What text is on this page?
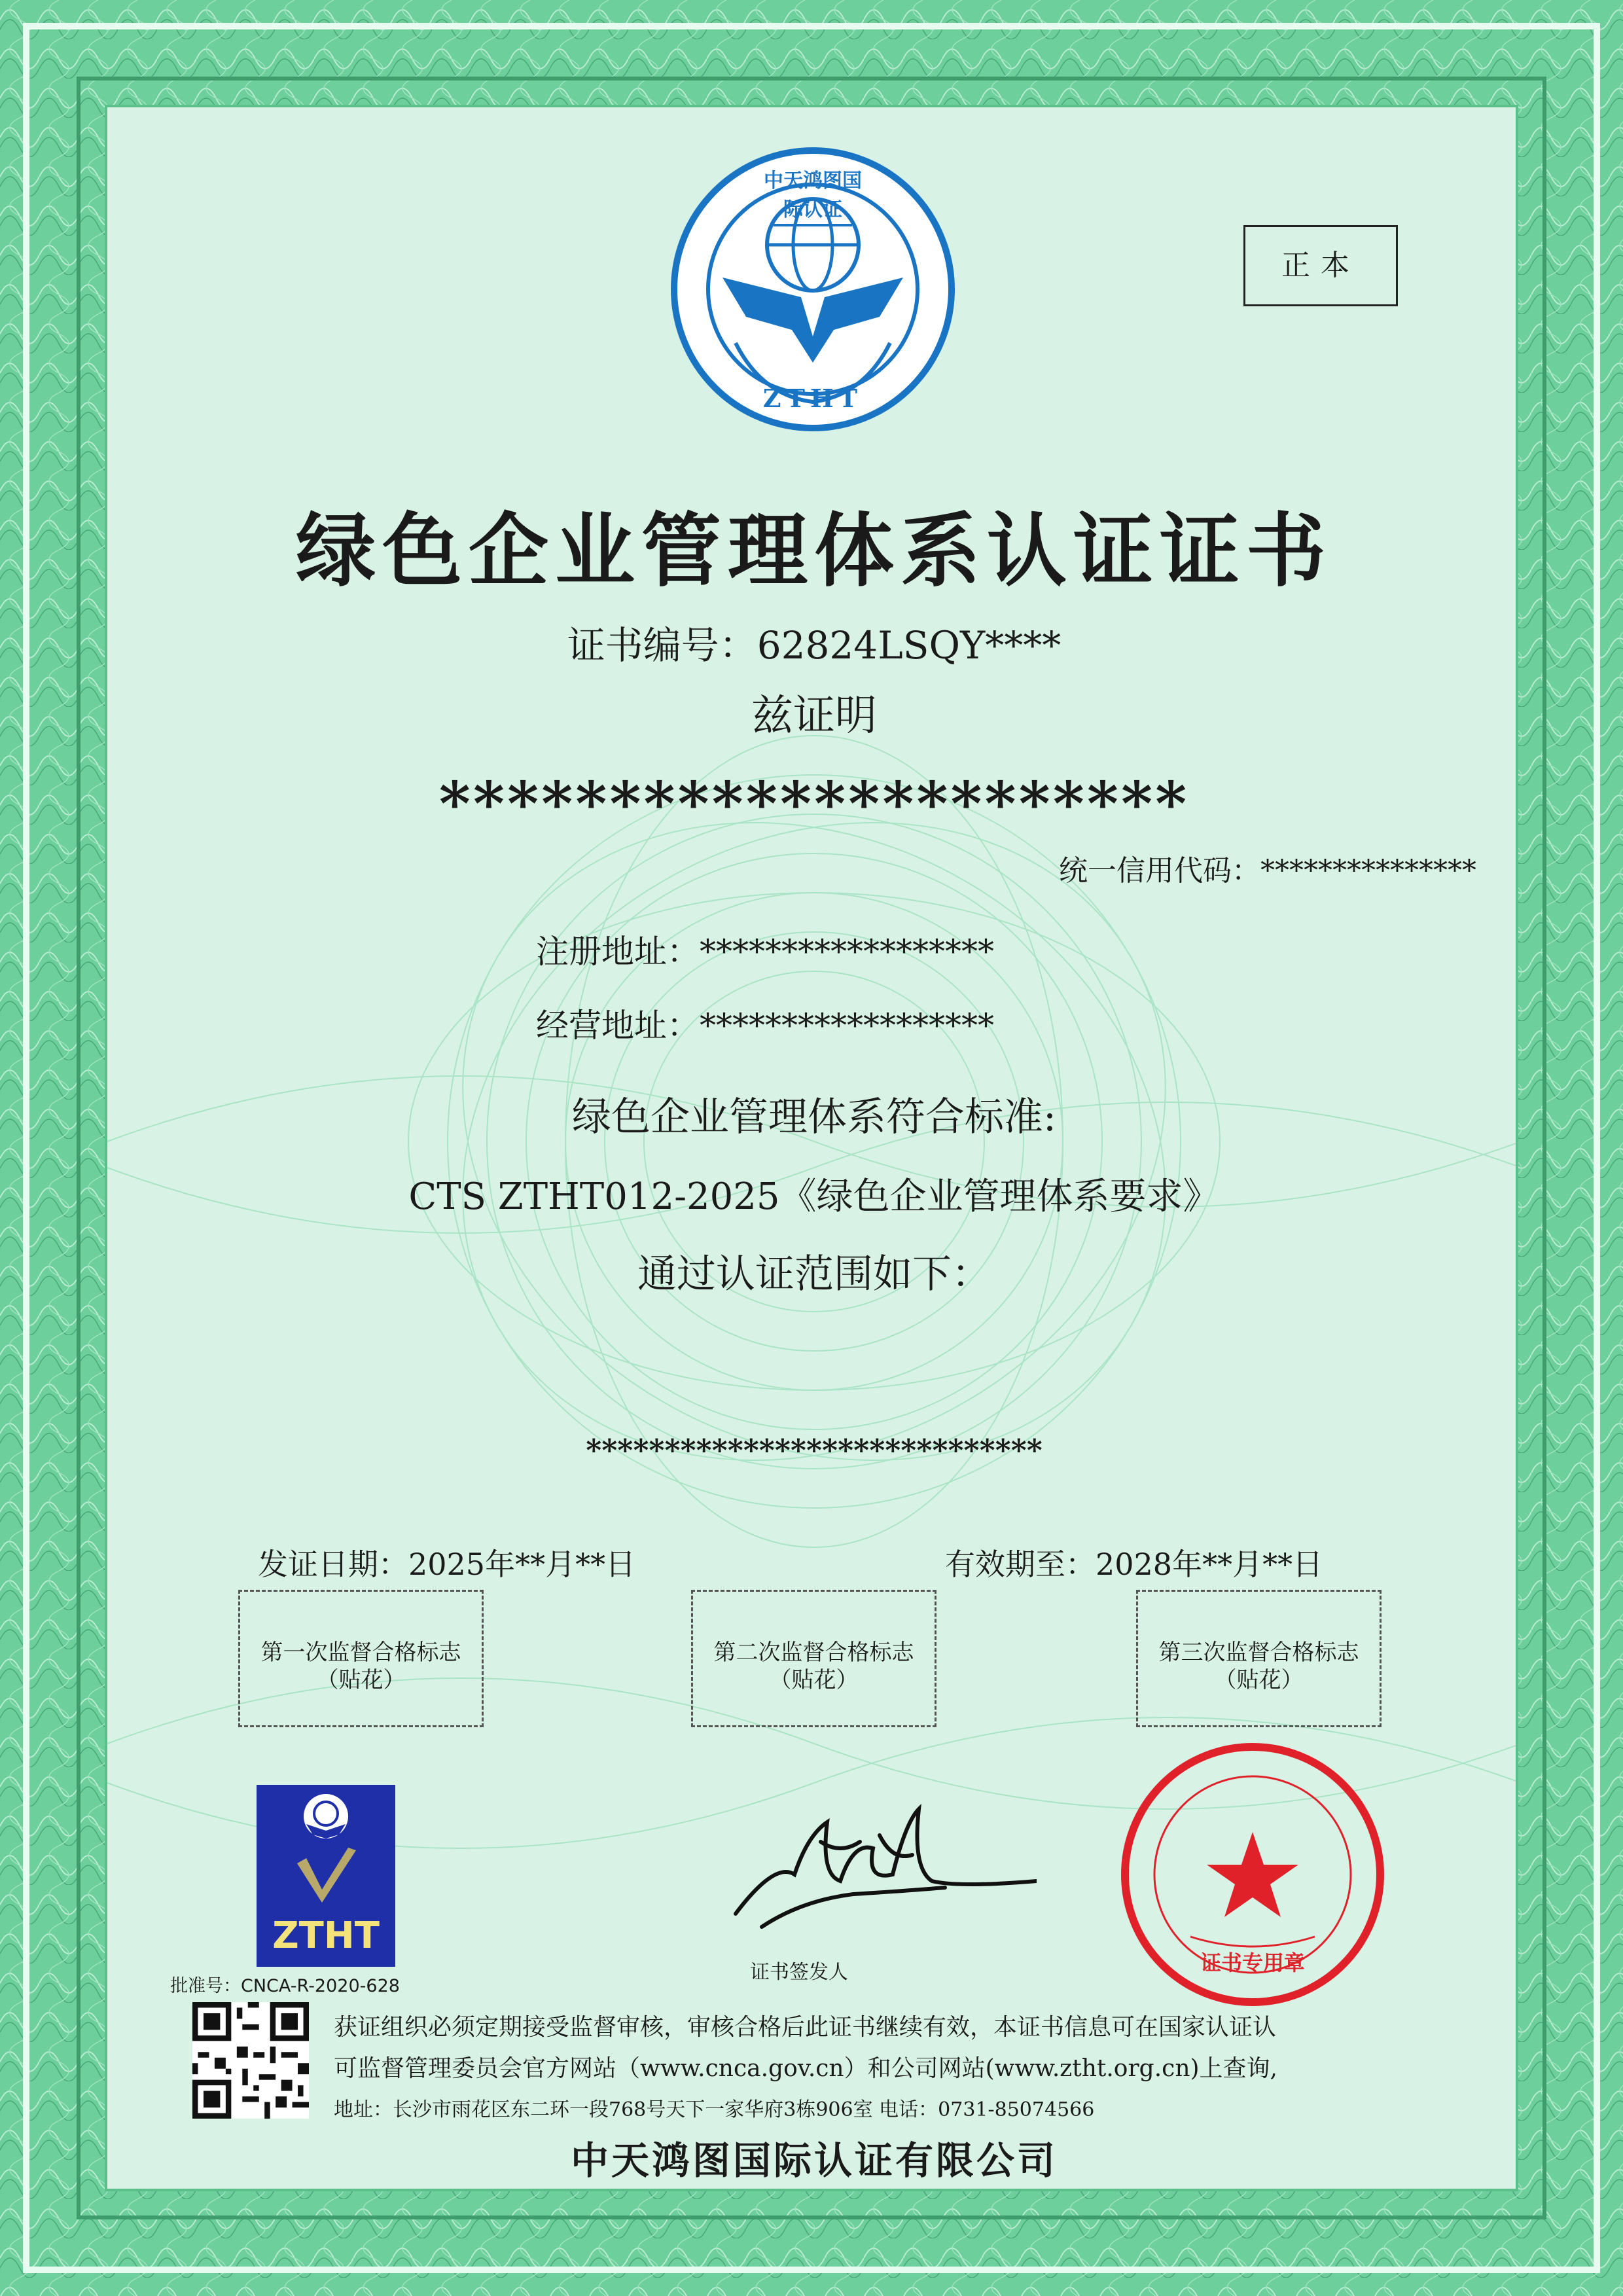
中天鸿图国际认证
ZTHT
正本
绿色企业管理体系认证证书
证书编号：62824LSQY****
兹证明
**********************
统一信用代码：***************
注册地址：******************
经营地址：******************
绿色企业管理体系符合标准:
CTS ZTHT012-2025《绿色企业管理体系要求》
通过认证范围如下：
*****************************
发证日期：2025年**月**日	有效期至：2028年**月**日
第一次监督合格标志
（贴花）
第二次监督合格标志
（贴花）
第三次监督合格标志
（贴花）
ZTHT
批准号：CNCA-R-2020-628
证书签发人	证书专用章
获证组织必须定期接受监督审核，审核合格后此证书继续有效，本证书信息可在国家认证认
可监督管理委员会官方网站（www.cnca.gov.cn）和公司网站(www.ztht.org.cn)上查询,
地址：长沙市雨花区东二环一段768号天下一家华府3栋906室 电话：0731-85074566
中天鸿图国际认证有限公司
